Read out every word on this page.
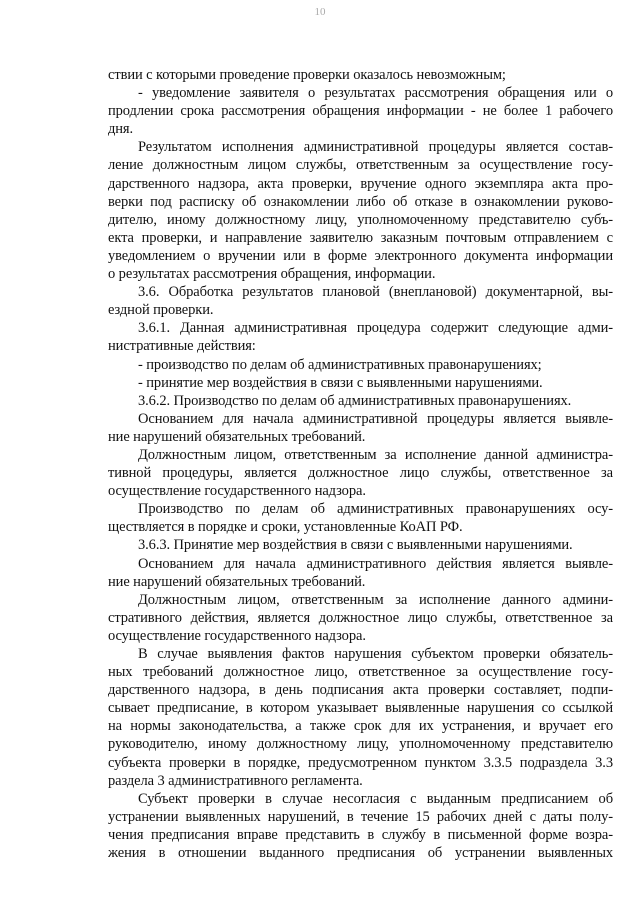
10
ствии с которыми проведение проверки оказалось невозможным;
- уведомление заявителя о результатах рассмотрения обращения или о
продлении срока рассмотрения обращения информации - не более 1 рабочего
дня.
Результатом исполнения административной процедуры является состав-
ление должностным лицом службы, ответственным за осуществление госу-
дарственного надзора, акта проверки, вручение одного экземпляра акта про-
верки под расписку об ознакомлении либо об отказе в ознакомлении руково-
дителю, иному должностному лицу, уполномоченному представителю субъ-
екта проверки, и направление заявителю заказным почтовым отправлением с
уведомлением о вручении или в форме электронного документа информации
о результатах рассмотрения обращения, информации.
3.6. Обработка результатов плановой (внеплановой) документарной, вы-
ездной проверки.
3.6.1. Данная административная процедура содержит следующие адми-
нистративные действия:
- производство по делам об административных правонарушениях;
- принятие мер воздействия в связи с выявленными нарушениями.
3.6.2. Производство по делам об административных правонарушениях.
Основанием для начала административной процедуры является выявле-
ние нарушений обязательных требований.
Должностным лицом, ответственным за исполнение данной администра-
тивной процедуры, является должностное лицо службы, ответственное за
осуществление государственного надзора.
Производство по делам об административных правонарушениях осу-
ществляется в порядке и сроки, установленные КоАП РФ.
3.6.3. Принятие мер воздействия в связи с выявленными нарушениями.
Основанием для начала административного действия является выявле-
ние нарушений обязательных требований.
Должностным лицом, ответственным за исполнение данного админи-
стративного действия, является должностное лицо службы, ответственное за
осуществление государственного надзора.
В случае выявления фактов нарушения субъектом проверки обязатель-
ных требований должностное лицо, ответственное за осуществление госу-
дарственного надзора, в день подписания акта проверки составляет, подпи-
сывает предписание, в котором указывает выявленные нарушения со ссылкой
на нормы законодательства, а также срок для их устранения, и вручает его
руководителю, иному должностному лицу, уполномоченному представителю
субъекта проверки в порядке, предусмотренном пунктом 3.3.5 подраздела 3.3
раздела 3 административного регламента.
Субъект проверки в случае несогласия с выданным предписанием об
устранении выявленных нарушений, в течение 15 рабочих дней с даты полу-
чения предписания вправе представить в службу в письменной форме возра-
жения в отношении выданного предписания об устранении выявленных
